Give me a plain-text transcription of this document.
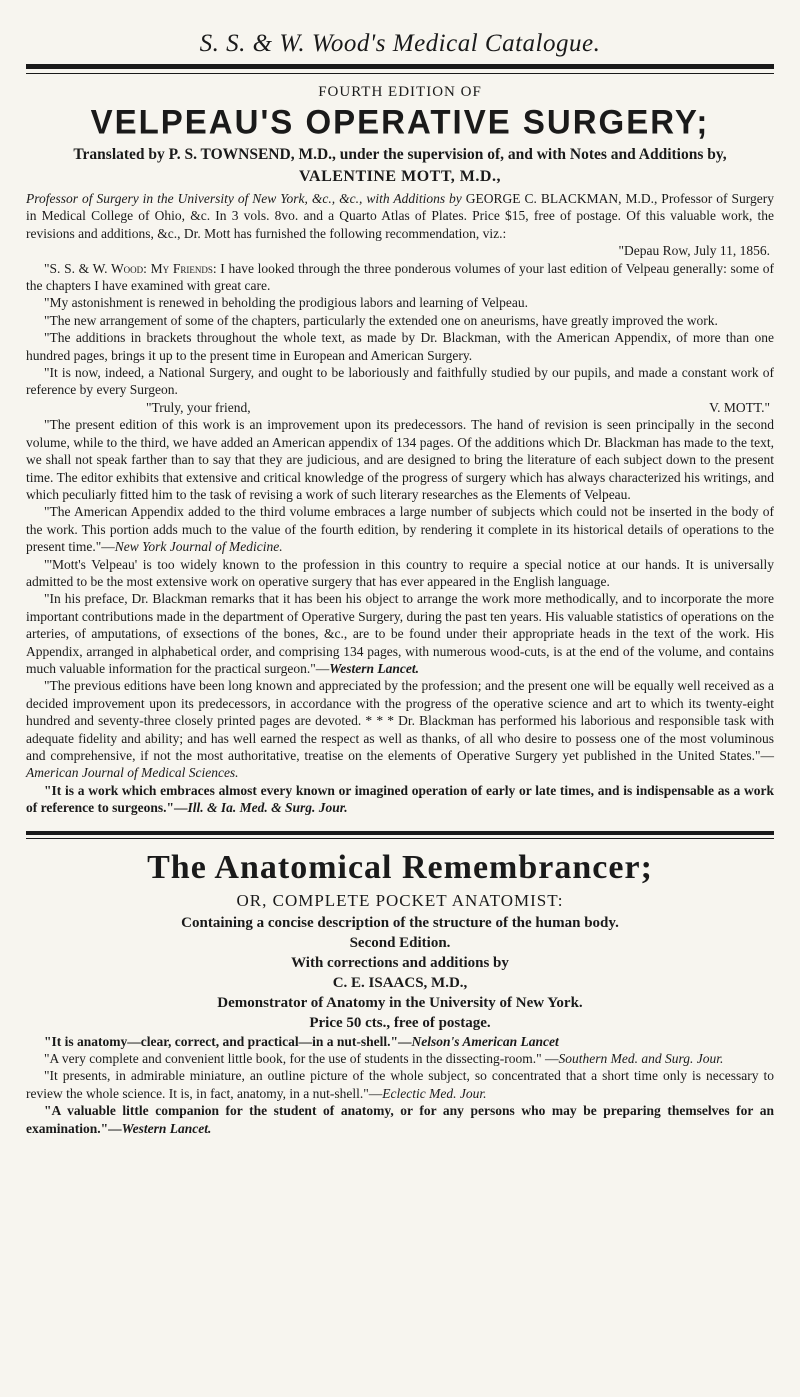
S. S. & W. Wood's Medical Catalogue.
FOURTH EDITION OF
VELPEAU'S OPERATIVE SURGERY;
Translated by P. S. TOWNSEND, M.D., under the supervision of, and with Notes and Additions by,
VALENTINE MOTT, M.D.,

Professor of Surgery in the University of New York, &c., &c., with Additions by GEORGE C. BLACKMAN, M.D., Professor of Surgery in Medical College of Ohio, &c. In 3 vols. 8vo. and a Quarto Atlas of Plates. Price $15, free of postage. Of this valuable work, the revisions and additions, &c., Dr. Mott has furnished the following recommendation, viz.:

"Depau Row, July 11, 1856.

"S. S. & W. Wood: My Friends: I have looked through the three ponderous volumes of your last edition of Velpeau generally: some of the chapters I have examined with great care.

"My astonishment is renewed in beholding the prodigious labors and learning of Velpeau.

"The new arrangement of some of the chapters, particularly the extended one on aneurisms, have greatly improved the work.

"The additions in brackets throughout the whole text, as made by Dr. Blackman, with the American Appendix, of more than one hundred pages, brings it up to the present time in European and American Surgery.

"It is now, indeed, a National Surgery, and ought to be laboriously and faithfully studied by our pupils, and made a constant work of reference by every Surgeon.

"Truly, your friend,	V. MOTT."

"The present edition of this work is an improvement upon its predecessors. The hand of revision is seen principally in the second volume, while to the third, we have added an American appendix of 134 pages. Of the additions which Dr. Blackman has made to the text, we shall not speak farther than to say that they are judicious, and are designed to bring the literature of each subject down to the present time. The editor exhibits that extensive and critical knowledge of the progress of surgery which has always characterized his writings, and which peculiarly fitted him to the task of revising a work of such literary researches as the Elements of Velpeau.

"The American Appendix added to the third volume embraces a large number of subjects which could not be inserted in the body of the work. This portion adds much to the value of the fourth edition, by rendering it complete in its historical details of operations to the present time."—New York Journal of Medicine.

"'Mott's Velpeau' is too widely known to the profession in this country to require a special notice at our hands. It is universally admitted to be the most extensive work on operative surgery that has ever appeared in the English language.

"In his preface, Dr. Blackman remarks that it has been his object to arrange the work more methodically, and to incorporate the more important contributions made in the department of Operative Surgery, during the past ten years. His valuable statistics of operations on the arteries, of amputations, of exsections of the bones, &c., are to be found under their appropriate heads in the text of the work. His Appendix, arranged in alphabetical order, and comprising 134 pages, with numerous wood-cuts, is at the end of the volume, and contains much valuable information for the practical surgeon."—Western Lancet.

"The previous editions have been long known and appreciated by the profession; and the present one will be equally well received as a decided improvement upon its predecessors, in accordance with the progress of the operative science and art to which its twenty-eight hundred and seventy-three closely printed pages are devoted. * * * Dr. Blackman has performed his laborious and responsible task with adequate fidelity and ability; and has well earned the respect as well as thanks, of all who desire to possess one of the most voluminous and comprehensive, if not the most authoritative, treatise on the elements of Operative Surgery yet published in the United States."—American Journal of Medical Sciences.

"It is a work which embraces almost every known or imagined operation of early or late times, and is indispensable as a work of reference to surgeons."—Ill. & Ia. Med. & Surg. Jour.

The Anatomical Remembrancer;
OR, COMPLETE POCKET ANATOMIST:
Containing a concise description of the structure of the human body.
Second Edition.
With corrections and additions by
C. E. ISAACS, M.D.,
Demonstrator of Anatomy in the University of New York.
Price 50 cts., free of postage.

"It is anatomy—clear, correct, and practical—in a nut-shell."—Nelson's American Lancet

"A very complete and convenient little book, for the use of students in the dissecting-room." —Southern Med. and Surg. Jour.

"It presents, in admirable miniature, an outline picture of the whole subject, so concentrated that a short time only is necessary to review the whole science. It is, in fact, anatomy, in a nut-shell."—Eclectic Med. Jour.

"A valuable little companion for the student of anatomy, or for any persons who may be preparing themselves for an examination."—Western Lancet.
